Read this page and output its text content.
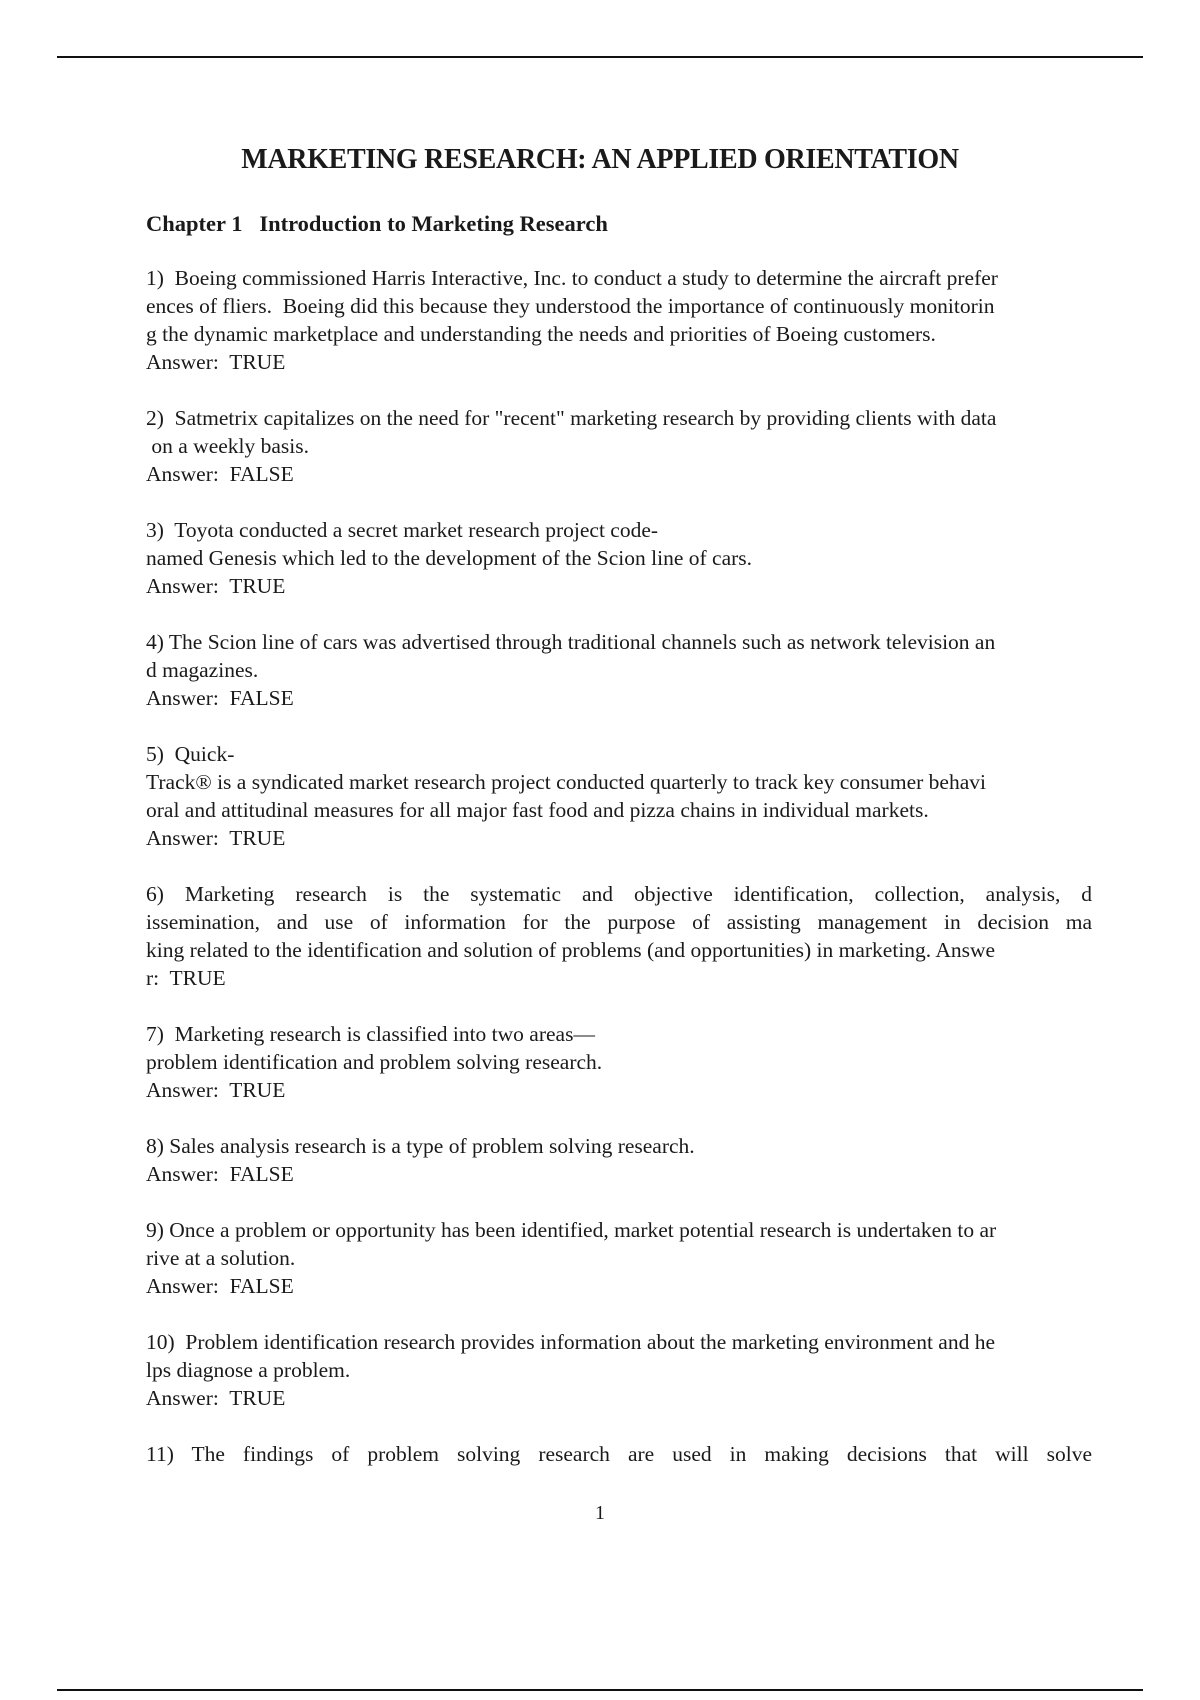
MARKETING RESEARCH: AN APPLIED ORIENTATION
Chapter 1   Introduction to Marketing Research
1)  Boeing commissioned Harris Interactive, Inc. to conduct a study to determine the aircraft prefer
ences of fliers.  Boeing did this because they understood the importance of continuously monitorin
g the dynamic marketplace and understanding the needs and priorities of Boeing customers.
Answer:  TRUE
2)  Satmetrix capitalizes on the need for "recent" marketing research by providing clients with data
on a weekly basis.
Answer:  FALSE
3)  Toyota conducted a secret market research project code-
named Genesis which led to the development of the Scion line of cars.
Answer:  TRUE
4) The Scion line of cars was advertised through traditional channels such as network television an
d magazines.
Answer:  FALSE
5)  Quick-
Track® is a syndicated market research project conducted quarterly to track key consumer behavi
oral and attitudinal measures for all major fast food and pizza chains in individual markets.
Answer:  TRUE
6) Marketing research is the systematic and objective identification, collection, analysis, d
issemination, and use of information for the purpose of assisting management in decision ma
king related to the identification and solution of problems (and opportunities) in marketing. Answe
r:  TRUE
7)  Marketing research is classified into two areas—
problem identification and problem solving research.
Answer:  TRUE
8) Sales analysis research is a type of problem solving research.
Answer:  FALSE
9) Once a problem or opportunity has been identified, market potential research is undertaken to ar
rive at a solution.
Answer:  FALSE
10)  Problem identification research provides information about the marketing environment and he
lps diagnose a problem.
Answer:  TRUE
11) The findings of problem solving research are used in making decisions that will solve
1
